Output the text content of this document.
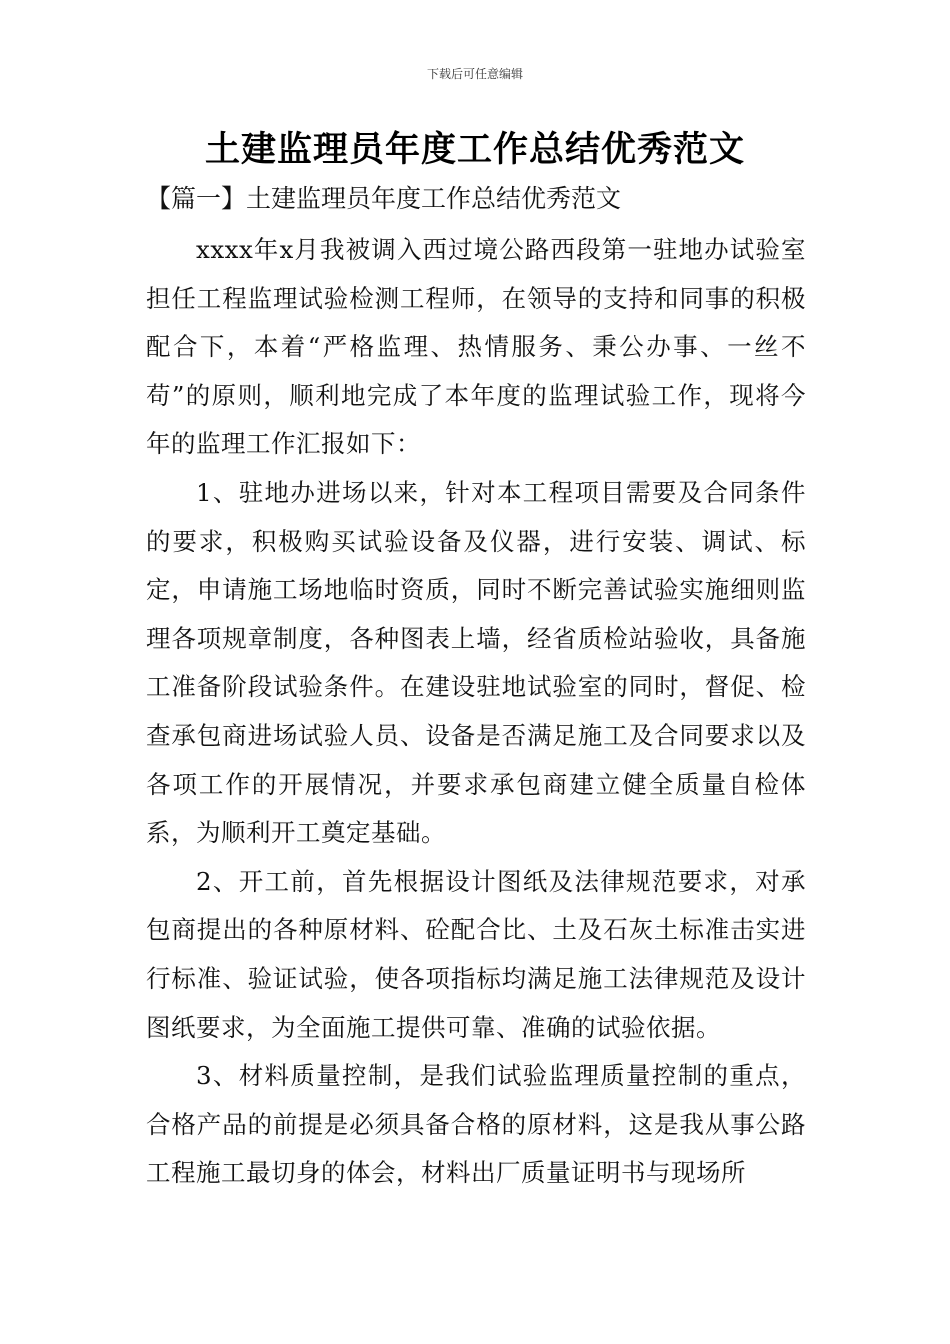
下载后可任意编辑
土建监理员年度工作总结优秀范文
【篇一】土建监理员年度工作总结优秀范文

xxxx年x月我被调入西过境公路西段第一驻地办试验室担任工程监理试验检测工程师，在领导的支持和同事的积极配合下，本着“严格监理、热情服务、秉公办事、一丝不苟”的原则，顺利地完成了本年度的监理试验工作，现将今年的监理工作汇报如下：

1、驻地办进场以来，针对本工程项目需要及合同条件的要求，积极购买试验设备及仪器，进行安装、调试、标定，申请施工场地临时资质，同时不断完善试验实施细则监理各项规章制度，各种图表上墙，经省质检站验收，具备施工准备阶段试验条件。在建设驻地试验室的同时，督促、检查承包商进场试验人员、设备是否满足施工及合同要求以及各项工作的开展情况，并要求承包商建立健全质量自检体系，为顺利开工奠定基础。

2、开工前，首先根据设计图纸及法律规范要求，对承包商提出的各种原材料、砼配合比、土及石灰土标准击实进行标准、验证试验，使各项指标均满足施工法律规范及设计图纸要求，为全面施工提供可靠、准确的试验依据。

3、材料质量控制，是我们试验监理质量控制的重点，合格产品的前提是必须具备合格的原材料，这是我从事公路工程施工最切身的体会，材料出厂质量证明书与现场所
